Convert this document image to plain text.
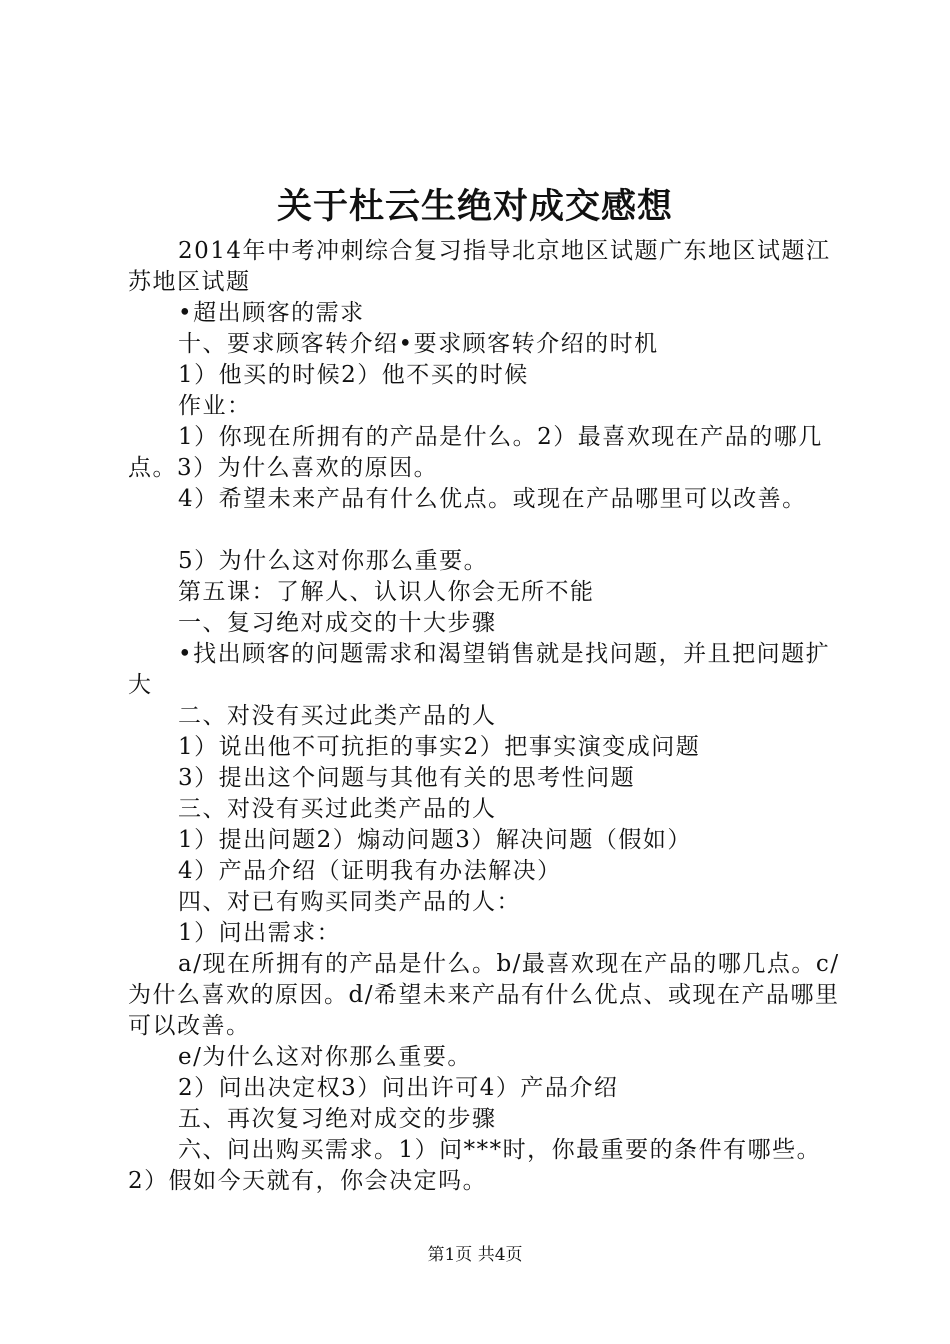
关于杜云生绝对成交感想

2014年中考冲刺综合复习指导北京地区试题广东地区试题江苏地区试题

•超出顾客的需求

十、要求顾客转介绍•要求顾客转介绍的时机

1）他买的时候2）他不买的时候

作业：

1）你现在所拥有的产品是什么。2）最喜欢现在产品的哪几点。3）为什么喜欢的原因。

4）希望未来产品有什么优点。或现在产品哪里可以改善。

5）为什么这对你那么重要。

第五课：了解人、认识人你会无所不能

一、复习绝对成交的十大步骤

•找出顾客的问题需求和渴望销售就是找问题，并且把问题扩大

二、对没有买过此类产品的人

1）说出他不可抗拒的事实2）把事实演变成问题

3）提出这个问题与其他有关的思考性问题

三、对没有买过此类产品的人

1）提出问题2）煽动问题3）解决问题（假如）

4）产品介绍（证明我有办法解决）

四、对已有购买同类产品的人：

1）问出需求：

a/现在所拥有的产品是什么。b/最喜欢现在产品的哪几点。c/为什么喜欢的原因。d/希望未来产品有什么优点、或现在产品哪里可以改善。

e/为什么这对你那么重要。

2）问出决定权3）问出许可4）产品介绍

五、再次复习绝对成交的步骤

六、问出购买需求。1）问***时，你最重要的条件有哪些。2）假如今天就有，你会决定吗。

第1页 共4页
